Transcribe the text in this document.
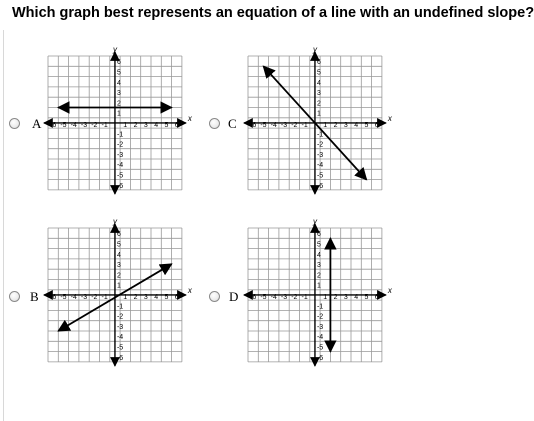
Which graph best represents an equation of a line with an undefined slope?
A	x
y
-6 -5 -4 -3 -2 -1 1 2 3 4 5 6
6
5
4
3
2
1
-1
-2
-3
-4
-5
-6
C	x
y
-6 -5 -4 -3 -2 -1 1 2 3 4 5 6
6
5
4
3
2
1
-1
-2
-3
-4
-5
-6
B	x
y
-6 -5 -4 -3 -2 -1 1 2 3 4 5 6
6
5
4
3
2
1
-1
-2
-3
-4
-5
-6
D	x
y
-6 -5 -4 -3 -2 -1 1 2 3 4 5 6
6
5
4
3
2
1
-1
-2
-3
-4
-5
-6
